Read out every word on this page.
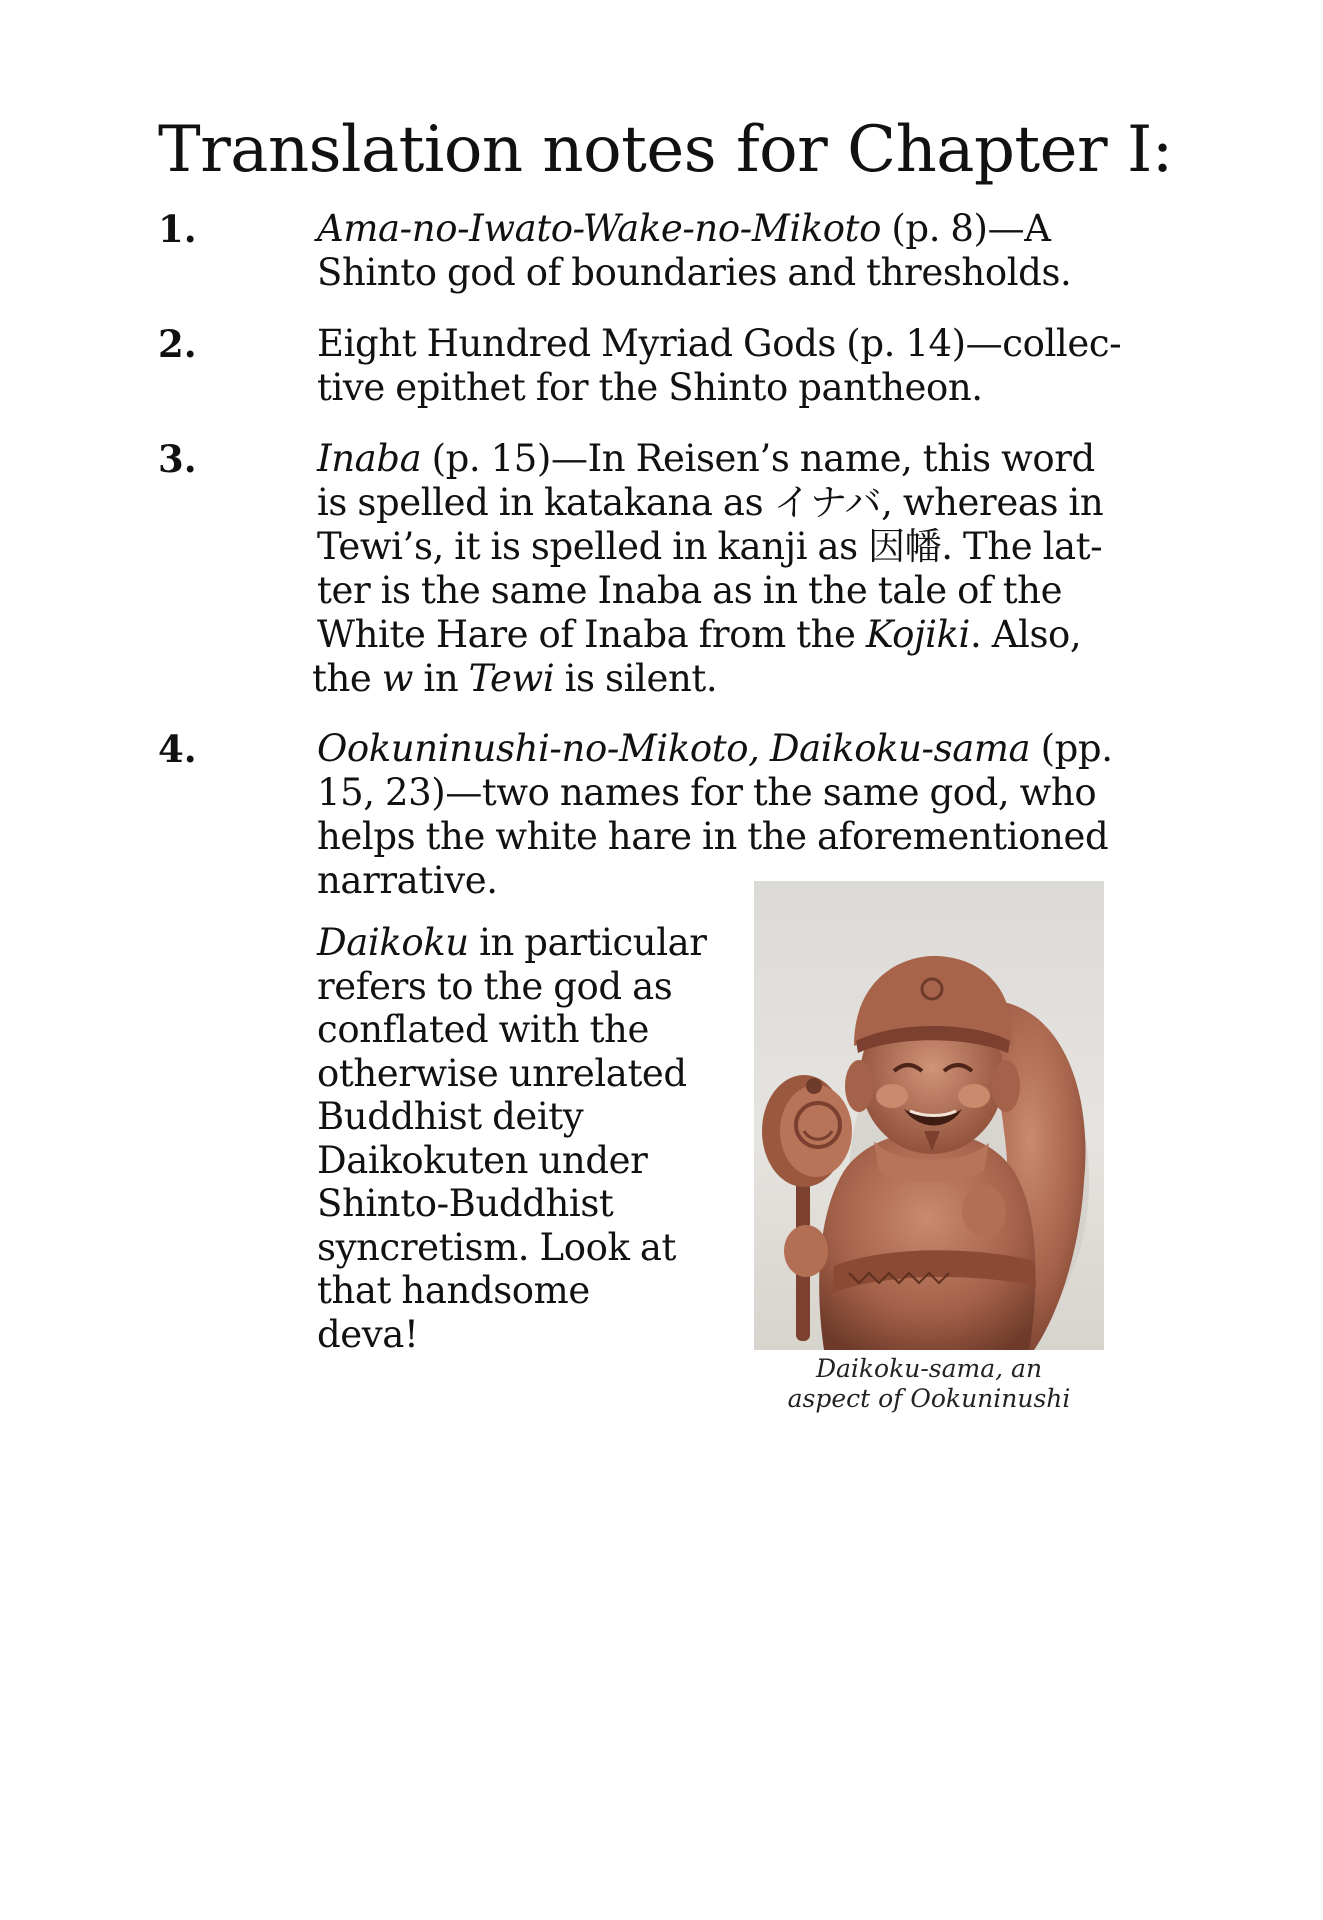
Translation notes for Chapter I:
1.	Ama-no-Iwato-Wake-no-Mikoto (p. 8)—A
Shinto god of boundaries and thresholds.
2.	Eight Hundred Myriad Gods (p. 14)—collec-
tive epithet for the Shinto pantheon.
3.	Inaba (p. 15)—In Reisen’s name, this word
is spelled in katakana as イナバ, whereas in
Tewi’s, it is spelled in kanji as 因幡. The lat-
ter is the same Inaba as in the tale of the
White Hare of Inaba from the Kojiki. Also,
the w in Tewi is silent.
4.	Ookuninushi-no-Mikoto, Daikoku-sama (pp.
15, 23)—two names for the same god, who
helps the white hare in the aforementioned
narrative.
Daikoku in particular
refers to the god as
conflated with the
otherwise unrelated
Buddhist deity
Daikokuten under
Shinto-Buddhist
syncretism. Look at
that handsome
deva!
Daikoku-sama, an
aspect of Ookuninushi
